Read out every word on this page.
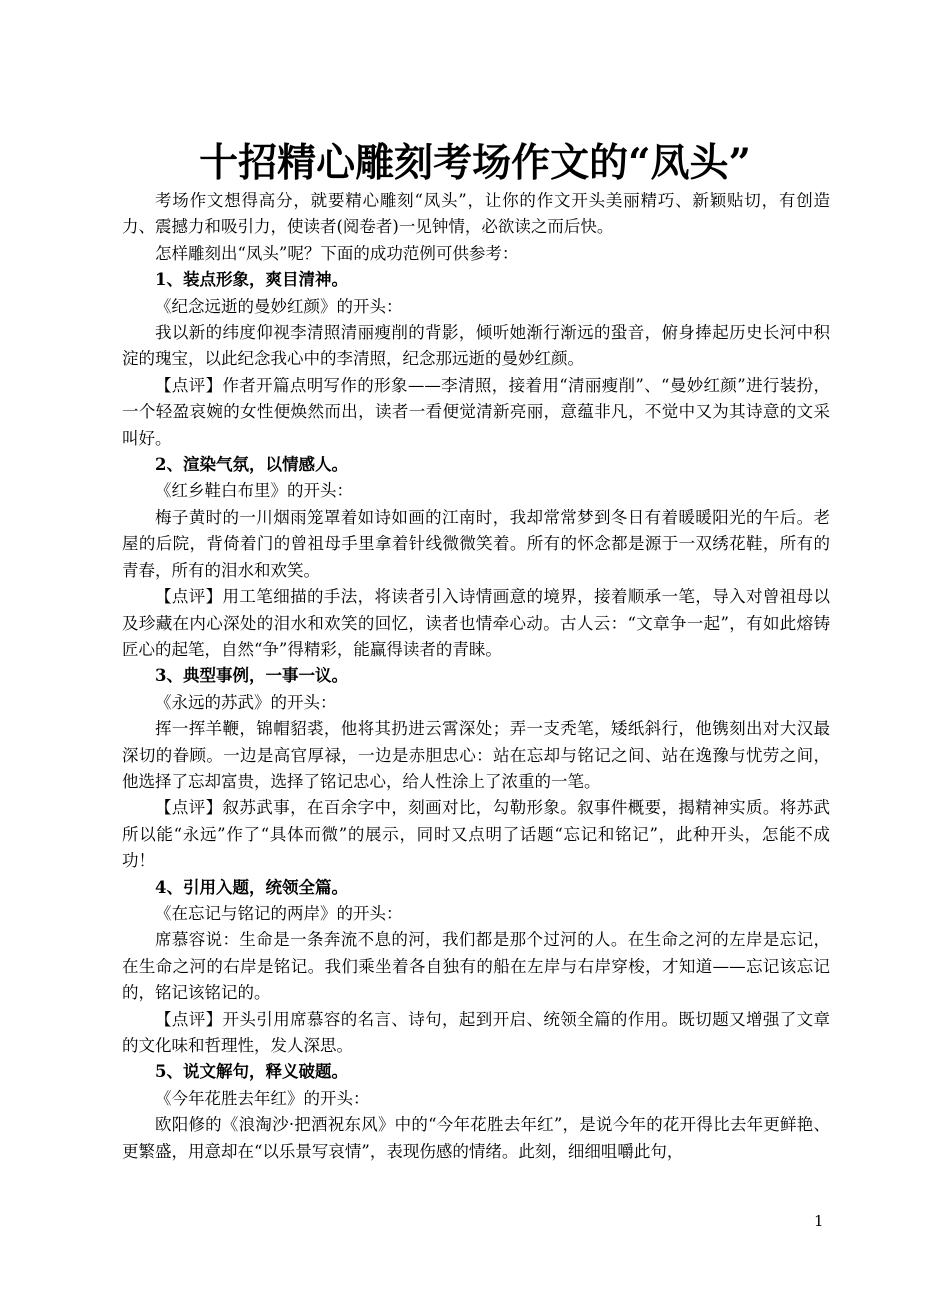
十招精心雕刻考场作文的“凤头”

考场作文想得高分，就要精心雕刻“凤头”，让你的作文开头美丽精巧、新颖贴切，有创造力、震撼力和吸引力，使读者(阅卷者)一见钟情，必欲读之而后快。

怎样雕刻出“凤头”呢？下面的成功范例可供参考：

1、装点形象，爽目清神。

《纪念远逝的曼妙红颜》的开头：

我以新的纬度仰视李清照清丽瘦削的背影，倾听她渐行渐远的蛩音，俯身捧起历史长河中积淀的瑰宝，以此纪念我心中的李清照，纪念那远逝的曼妙红颜。

【点评】作者开篇点明写作的形象——李清照，接着用“清丽瘦削”、“曼妙红颜”进行装扮，一个轻盈哀婉的女性便焕然而出，读者一看便觉清新亮丽，意蕴非凡，不觉中又为其诗意的文采叫好。

2、渲染气氛，以情感人。

《红乡鞋白布里》的开头：

梅子黄时的一川烟雨笼罩着如诗如画的江南时，我却常常梦到冬日有着暖暖阳光的午后。老屋的后院，背倚着门的曾祖母手里拿着针线微微笑着。所有的怀念都是源于一双绣花鞋，所有的青春，所有的泪水和欢笑。

【点评】用工笔细描的手法，将读者引入诗情画意的境界，接着顺承一笔，导入对曾祖母以及珍藏在内心深处的泪水和欢笑的回忆，读者也情牵心动。古人云：“文章争一起”，有如此熔铸匠心的起笔，自然“争”得精彩，能赢得读者的青睐。

3、典型事例，一事一议。

《永远的苏武》的开头：

挥一挥羊鞭，锦帽貂裘，他将其扔进云霄深处；弄一支秃笔，矮纸斜行，他镌刻出对大汉最深切的眷顾。一边是高官厚禄，一边是赤胆忠心：站在忘却与铭记之间、站在逸豫与忧劳之间，他选择了忘却富贵，选择了铭记忠心，给人性涂上了浓重的一笔。

【点评】叙苏武事，在百余字中，刻画对比，勾勒形象。叙事件概要，揭精神实质。将苏武所以能“永远”作了“具体而微”的展示，同时又点明了话题“忘记和铭记”，此种开头，怎能不成功！

4、引用入题，统领全篇。

《在忘记与铭记的两岸》的开头：

席慕容说：生命是一条奔流不息的河，我们都是那个过河的人。在生命之河的左岸是忘记，在生命之河的右岸是铭记。我们乘坐着各自独有的船在左岸与右岸穿梭，才知道——忘记该忘记的，铭记该铭记的。

【点评】开头引用席慕容的名言、诗句，起到开启、统领全篇的作用。既切题又增强了文章的文化味和哲理性，发人深思。

5、说文解句，释义破题。

《今年花胜去年红》的开头：

欧阳修的《浪淘沙·把酒祝东风》中的“今年花胜去年红”，是说今年的花开得比去年更鲜艳、更繁盛，用意却在“以乐景写哀情”，表现伤感的情绪。此刻，细细咀嚼此句，

1
